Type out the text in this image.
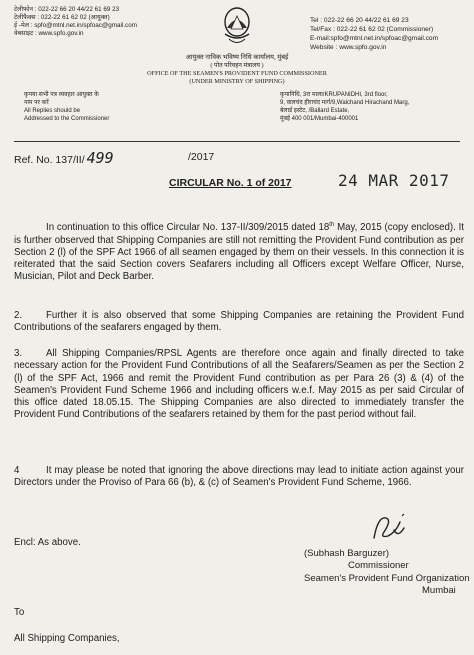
टेलीफोन : 022-22 66 20 44/22 61 69 23
टेलीफैक्स : 022-22 61 62 02 (आयुक्त)
ई -मेल : spfo@mtnl.net.in/spfoac@gmail.com
वेबसाइट : www.spfo.gov.in
Tel : 022-22 66 20 44/22 61 69 23
Tel/Fax : 022-22 61 62 02 (Commissioner)
E-mail:spfo@mtnl.net.in/spfoac@gmail.com
Website : www.spfo.gov.in
आयुक्त नाविक भविष्य निधि कार्यालय, मुंबई
( पोत परिवहन मंत्रालय )
OFFICE OF THE SEAMEN'S PROVIDENT FUND COMMISSIONER
(UNDER MINISTRY OF SHIPPING)
कृपया सभी पत्र व्यवहार आयुक्त के
नाम पर करें
All Replies should be
Addressed to the Commissioner
कृपानिधि, 3रा माला/KRUPANIDHI, 3rd floor,
9, वालचंद हीराचंद मार्ग/9,Walchand Hirachand Marg,
बेलार्ड इस्टेट, /Ballard Estate,
मुंबई 400 001/Mumbai-400001
Ref. No. 137/II/ 499	/2017
CIRCULAR No. 1 of 2017	24 MAR 2017
In continuation to this office Circular No. 137-II/309/2015 dated 18th May, 2015 (copy enclosed). It is further observed that Shipping Companies are still not remitting the Provident Fund contribution as per Section 2 (l) of the SPF Act 1966 of all seamen engaged by them on their vessels. In this connection it is reiterated that the said Section covers Seafarers including all Officers except Welfare Officer, Nurse, Musician, Pilot and Deck Barber.
2. Further it is also observed that some Shipping Companies are retaining the Provident Fund Contributions of the seafarers engaged by them.
3. All Shipping Companies/RPSL Agents are therefore once again and finally directed to take necessary action for the Provident Fund Contributions of all the Seafarers/Seamen as per the Section 2 (l) of the SPF Act, 1966 and remit the Provident Fund contribution as per Para 26 (3) & (4) of the Seamen's Provident Fund Scheme 1966 and including officers w.e.f. May 2015 as per said Circular of this office dated 18.05.15. The Shipping Companies are also directed to immediately transfer the Provident Fund Contributions of the seafarers retained by them for the past period without fail.
4	It may please be noted that ignoring the above directions may lead to initiate action against your Directors under the Proviso of Para 66 (b), & (c) of Seamen's Provident Fund Scheme, 1966.
Encl: As above.
(Subhash Barguzer)
Commissioner
Seamen's Provident Fund Organization
Mumbai
To
All Shipping Companies,
